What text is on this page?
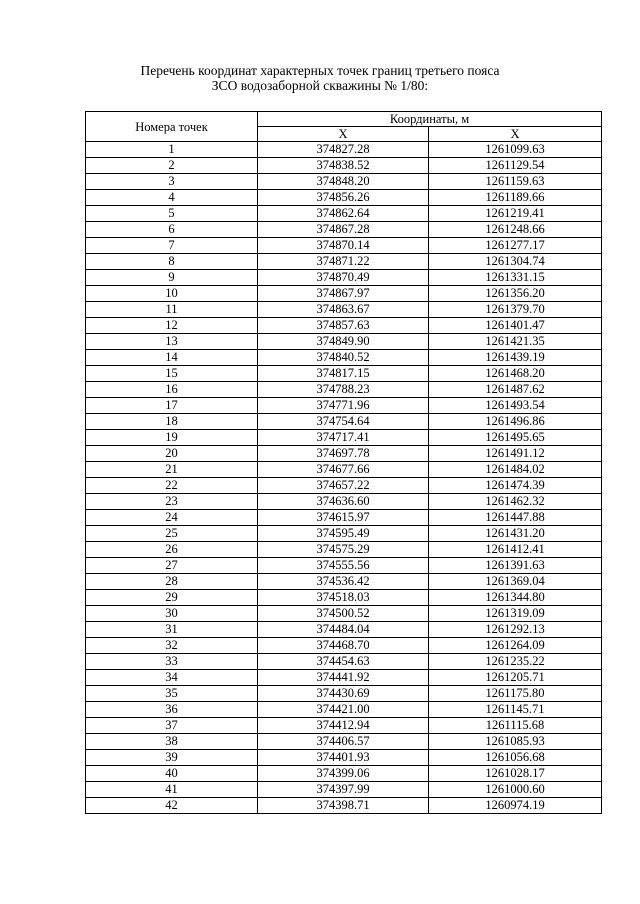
Перечень координат характерных точек границ третьего пояса
ЗСО водозаборной скважины № 1/80:
Номера точек	Координаты, м	
	X	X
1	374827.28	1261099.63
2	374838.52	1261129.54
3	374848.20	1261159.63
4	374856.26	1261189.66
5	374862.64	1261219.41
6	374867.28	1261248.66
7	374870.14	1261277.17
8	374871.22	1261304.74
9	374870.49	1261331.15
10	374867.97	1261356.20
11	374863.67	1261379.70
12	374857.63	1261401.47
13	374849.90	1261421.35
14	374840.52	1261439.19
15	374817.15	1261468.20
16	374788.23	1261487.62
17	374771.96	1261493.54
18	374754.64	1261496.86
19	374717.41	1261495.65
20	374697.78	1261491.12
21	374677.66	1261484.02
22	374657.22	1261474.39
23	374636.60	1261462.32
24	374615.97	1261447.88
25	374595.49	1261431.20
26	374575.29	1261412.41
27	374555.56	1261391.63
28	374536.42	1261369.04
29	374518.03	1261344.80
30	374500.52	1261319.09
31	374484.04	1261292.13
32	374468.70	1261264.09
33	374454.63	1261235.22
34	374441.92	1261205.71
35	374430.69	1261175.80
36	374421.00	1261145.71
37	374412.94	1261115.68
38	374406.57	1261085.93
39	374401.93	1261056.68
40	374399.06	1261028.17
41	374397.99	1261000.60
42	374398.71	1260974.19
